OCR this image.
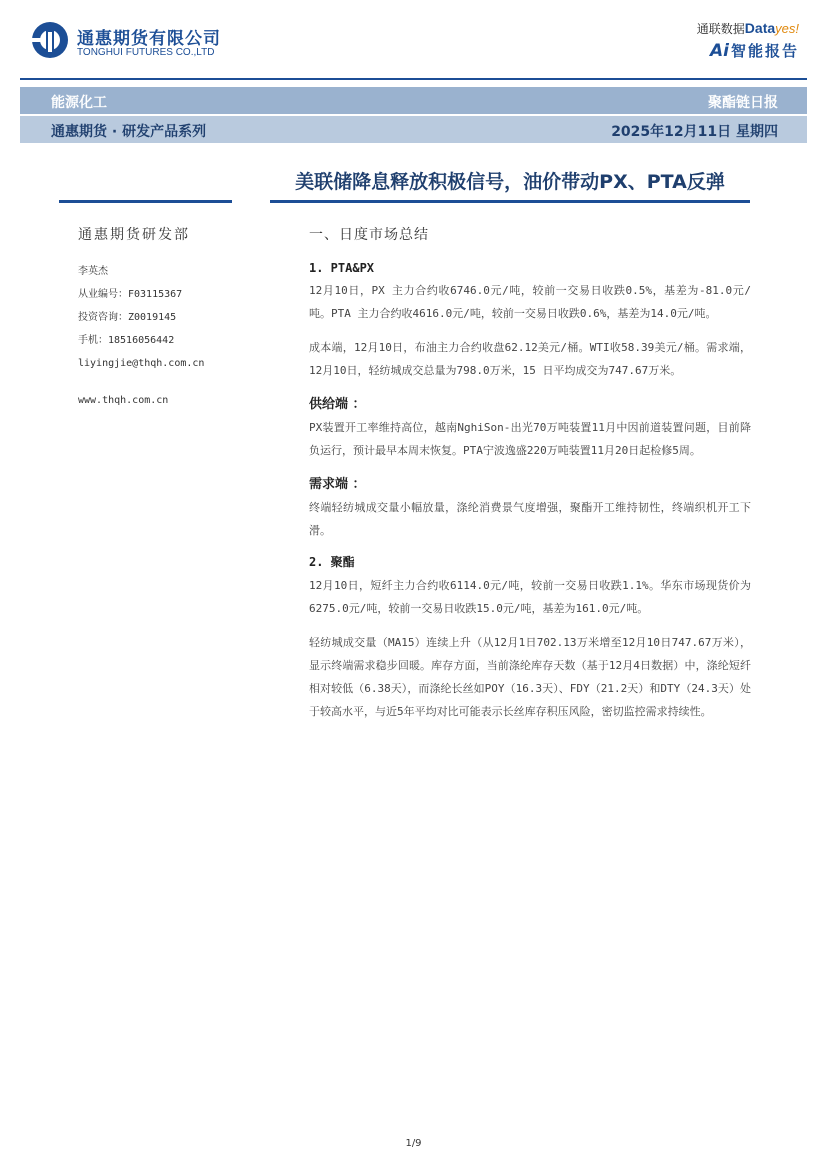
通惠期货有限公司
TONGHUI FUTURES CO.,LTD
通联数据Datayes!
Ai 智能报告
能源化工	聚酯链日报
通惠期货 · 研发产品系列	2025年12月11日 星期四
美联储降息释放积极信号，油价带动PX、PTA反弹
通惠期货研发部
李英杰
从业编号：F03115367
投资咨询：Z0019145
手机：18516056442
liyingjie@thqh.com.cn
www.thqh.com.cn
一、日度市场总结
1. PTA&PX

12月10日，PX 主力合约收6746.0元/吨，较前一交易日收跌0.5%，基差为-81.0元/吨。PTA 主力合约收4616.0元/吨，较前一交易日收跌0.6%，基差为14.0元/吨。

成本端，12月10日，布油主力合约收盘62.12美元/桶。WTI收58.39美元/桶。需求端，12月10日，轻纺城成交总量为798.0万米，15 日平均成交为747.67万米。

供给端 ：

PX装置开工率维持高位，越南NghiSon-出光70万吨装置11月中因前道装置问题，目前降负运行，预计最早本周末恢复。PTA宁波逸盛220万吨装置11月20日起检修5周。

需求端 ：

终端轻纺城成交量小幅放量，涤纶消费景气度增强，聚酯开工维持韧性，终端织机开工下滑。

2. 聚酯

12月10日，短纤主力合约收6114.0元/吨，较前一交易日收跌1.1%。华东市场现货价为6275.0元/吨，较前一交易日收跌15.0元/吨，基差为161.0元/吨。

轻纺城成交量（MA15）连续上升（从12月1日702.13万米增至12月10日747.67万米），显示终端需求稳步回暖。库存方面，当前涤纶库存天数（基于12月4日数据）中，涤纶短纤相对较低（6.38天），而涤纶长丝如POY（16.3天）、FDY（21.2天）和DTY（24.3天）处于较高水平，与近5年平均对比可能表示长丝库存积压风险，密切监控需求持续性。

1/9
